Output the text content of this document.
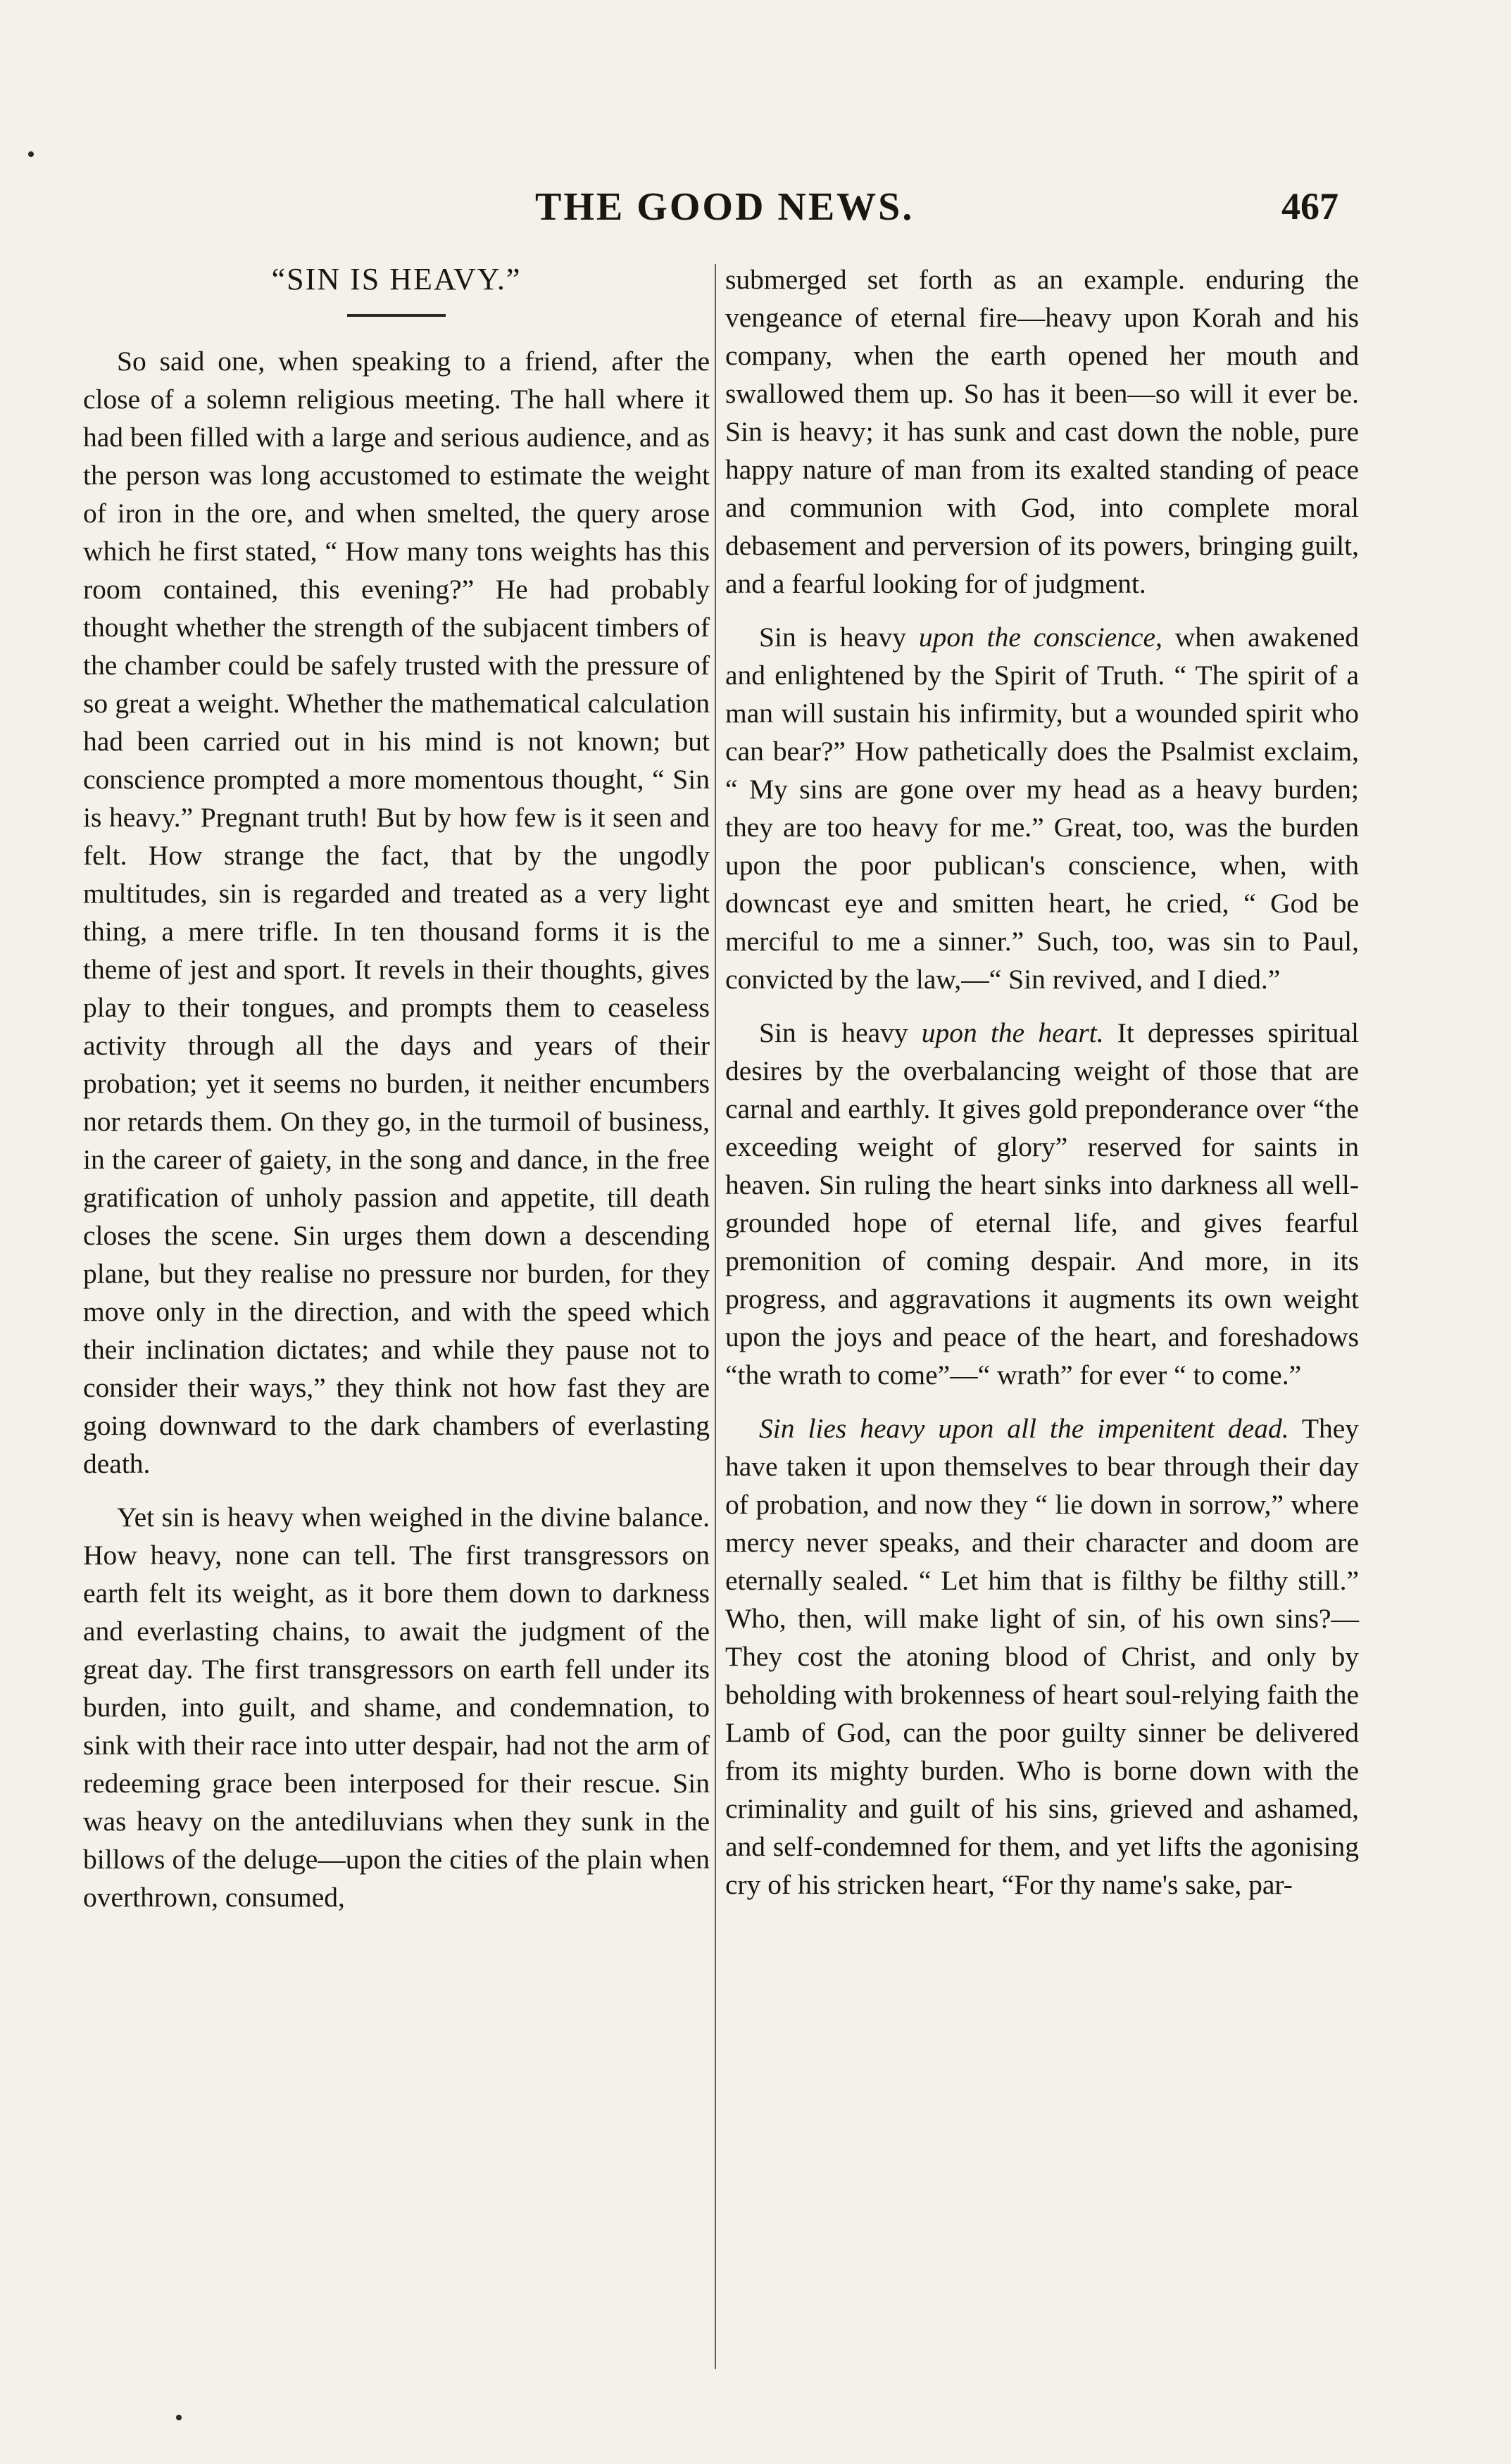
THE GOOD NEWS.	467
“SIN IS HEAVY.”

So said one, when speaking to a friend, after the close of a solemn religious meeting. The hall where it had been filled with a large and serious audience, and as the person was long accustomed to estimate the weight of iron in the ore, and when smelted, the query arose which he first stated, “ How many tons weights has this room contained, this evening?” He had probably thought whether the strength of the subjacent timbers of the chamber could be safely trusted with the pressure of so great a weight. Whether the mathematical calculation had been carried out in his mind is not known; but conscience prompted a more momentous thought, “ Sin is heavy.” Pregnant truth! But by how few is it seen and felt. How strange the fact, that by the ungodly multitudes, sin is regarded and treated as a very light thing, a mere trifle. In ten thousand forms it is the theme of jest and sport. It revels in their thoughts, gives play to their tongues, and prompts them to ceaseless activity through all the days and years of their probation; yet it seems no burden, it neither encumbers nor retards them. On they go, in the turmoil of business, in the career of gaiety, in the song and dance, in the free gratification of unholy passion and appetite, till death closes the scene. Sin urges them down a descending plane, but they realise no pressure nor burden, for they move only in the direction, and with the speed which their inclination dictates; and while they pause not to consider their ways,” they think not how fast they are going downward to the dark chambers of everlasting death.

Yet sin is heavy when weighed in the divine balance. How heavy, none can tell. The first transgressors on earth felt its weight, as it bore them down to darkness and everlasting chains, to await the judgment of the great day. The first transgressors on earth fell under its burden, into guilt, and shame, and condemnation, to sink with their race into utter despair, had not the arm of redeeming grace been interposed for their rescue. Sin was heavy on the antediluvians when they sunk in the billows of the deluge—upon the cities of the plain when overthrown, consumed,

submerged set forth as an example. enduring the vengeance of eternal fire—heavy upon Korah and his company, when the earth opened her mouth and swallowed them up. So has it been—so will it ever be. Sin is heavy; it has sunk and cast down the noble, pure happy nature of man from its exalted standing of peace and communion with God, into complete moral debasement and perversion of its powers, bringing guilt, and a fearful looking for of judgment.

Sin is heavy upon the conscience, when awakened and enlightened by the Spirit of Truth. “ The spirit of a man will sustain his infirmity, but a wounded spirit who can bear?” How pathetically does the Psalmist exclaim, “ My sins are gone over my head as a heavy burden; they are too heavy for me.” Great, too, was the burden upon the poor publican's conscience, when, with downcast eye and smitten heart, he cried, “ God be merciful to me a sinner.” Such, too, was sin to Paul, convicted by the law,—“ Sin revived, and I died.”

Sin is heavy upon the heart. It depresses spiritual desires by the overbalancing weight of those that are carnal and earthly. It gives gold preponderance over “the exceeding weight of glory” reserved for saints in heaven. Sin ruling the heart sinks into darkness all well-grounded hope of eternal life, and gives fearful premonition of coming despair. And more, in its progress, and aggravations it augments its own weight upon the joys and peace of the heart, and foreshadows “the wrath to come”—“ wrath” for ever “ to come.”

Sin lies heavy upon all the impenitent dead. They have taken it upon themselves to bear through their day of probation, and now they “ lie down in sorrow,” where mercy never speaks, and their character and doom are eternally sealed. “ Let him that is filthy be filthy still.” Who, then, will make light of sin, of his own sins?—They cost the atoning blood of Christ, and only by beholding with brokenness of heart soul-relying faith the Lamb of God, can the poor guilty sinner be delivered from its mighty burden. Who is borne down with the criminality and guilt of his sins, grieved and ashamed, and self-condemned for them, and yet lifts the agonising cry of his stricken heart, “For thy name's sake, par-
